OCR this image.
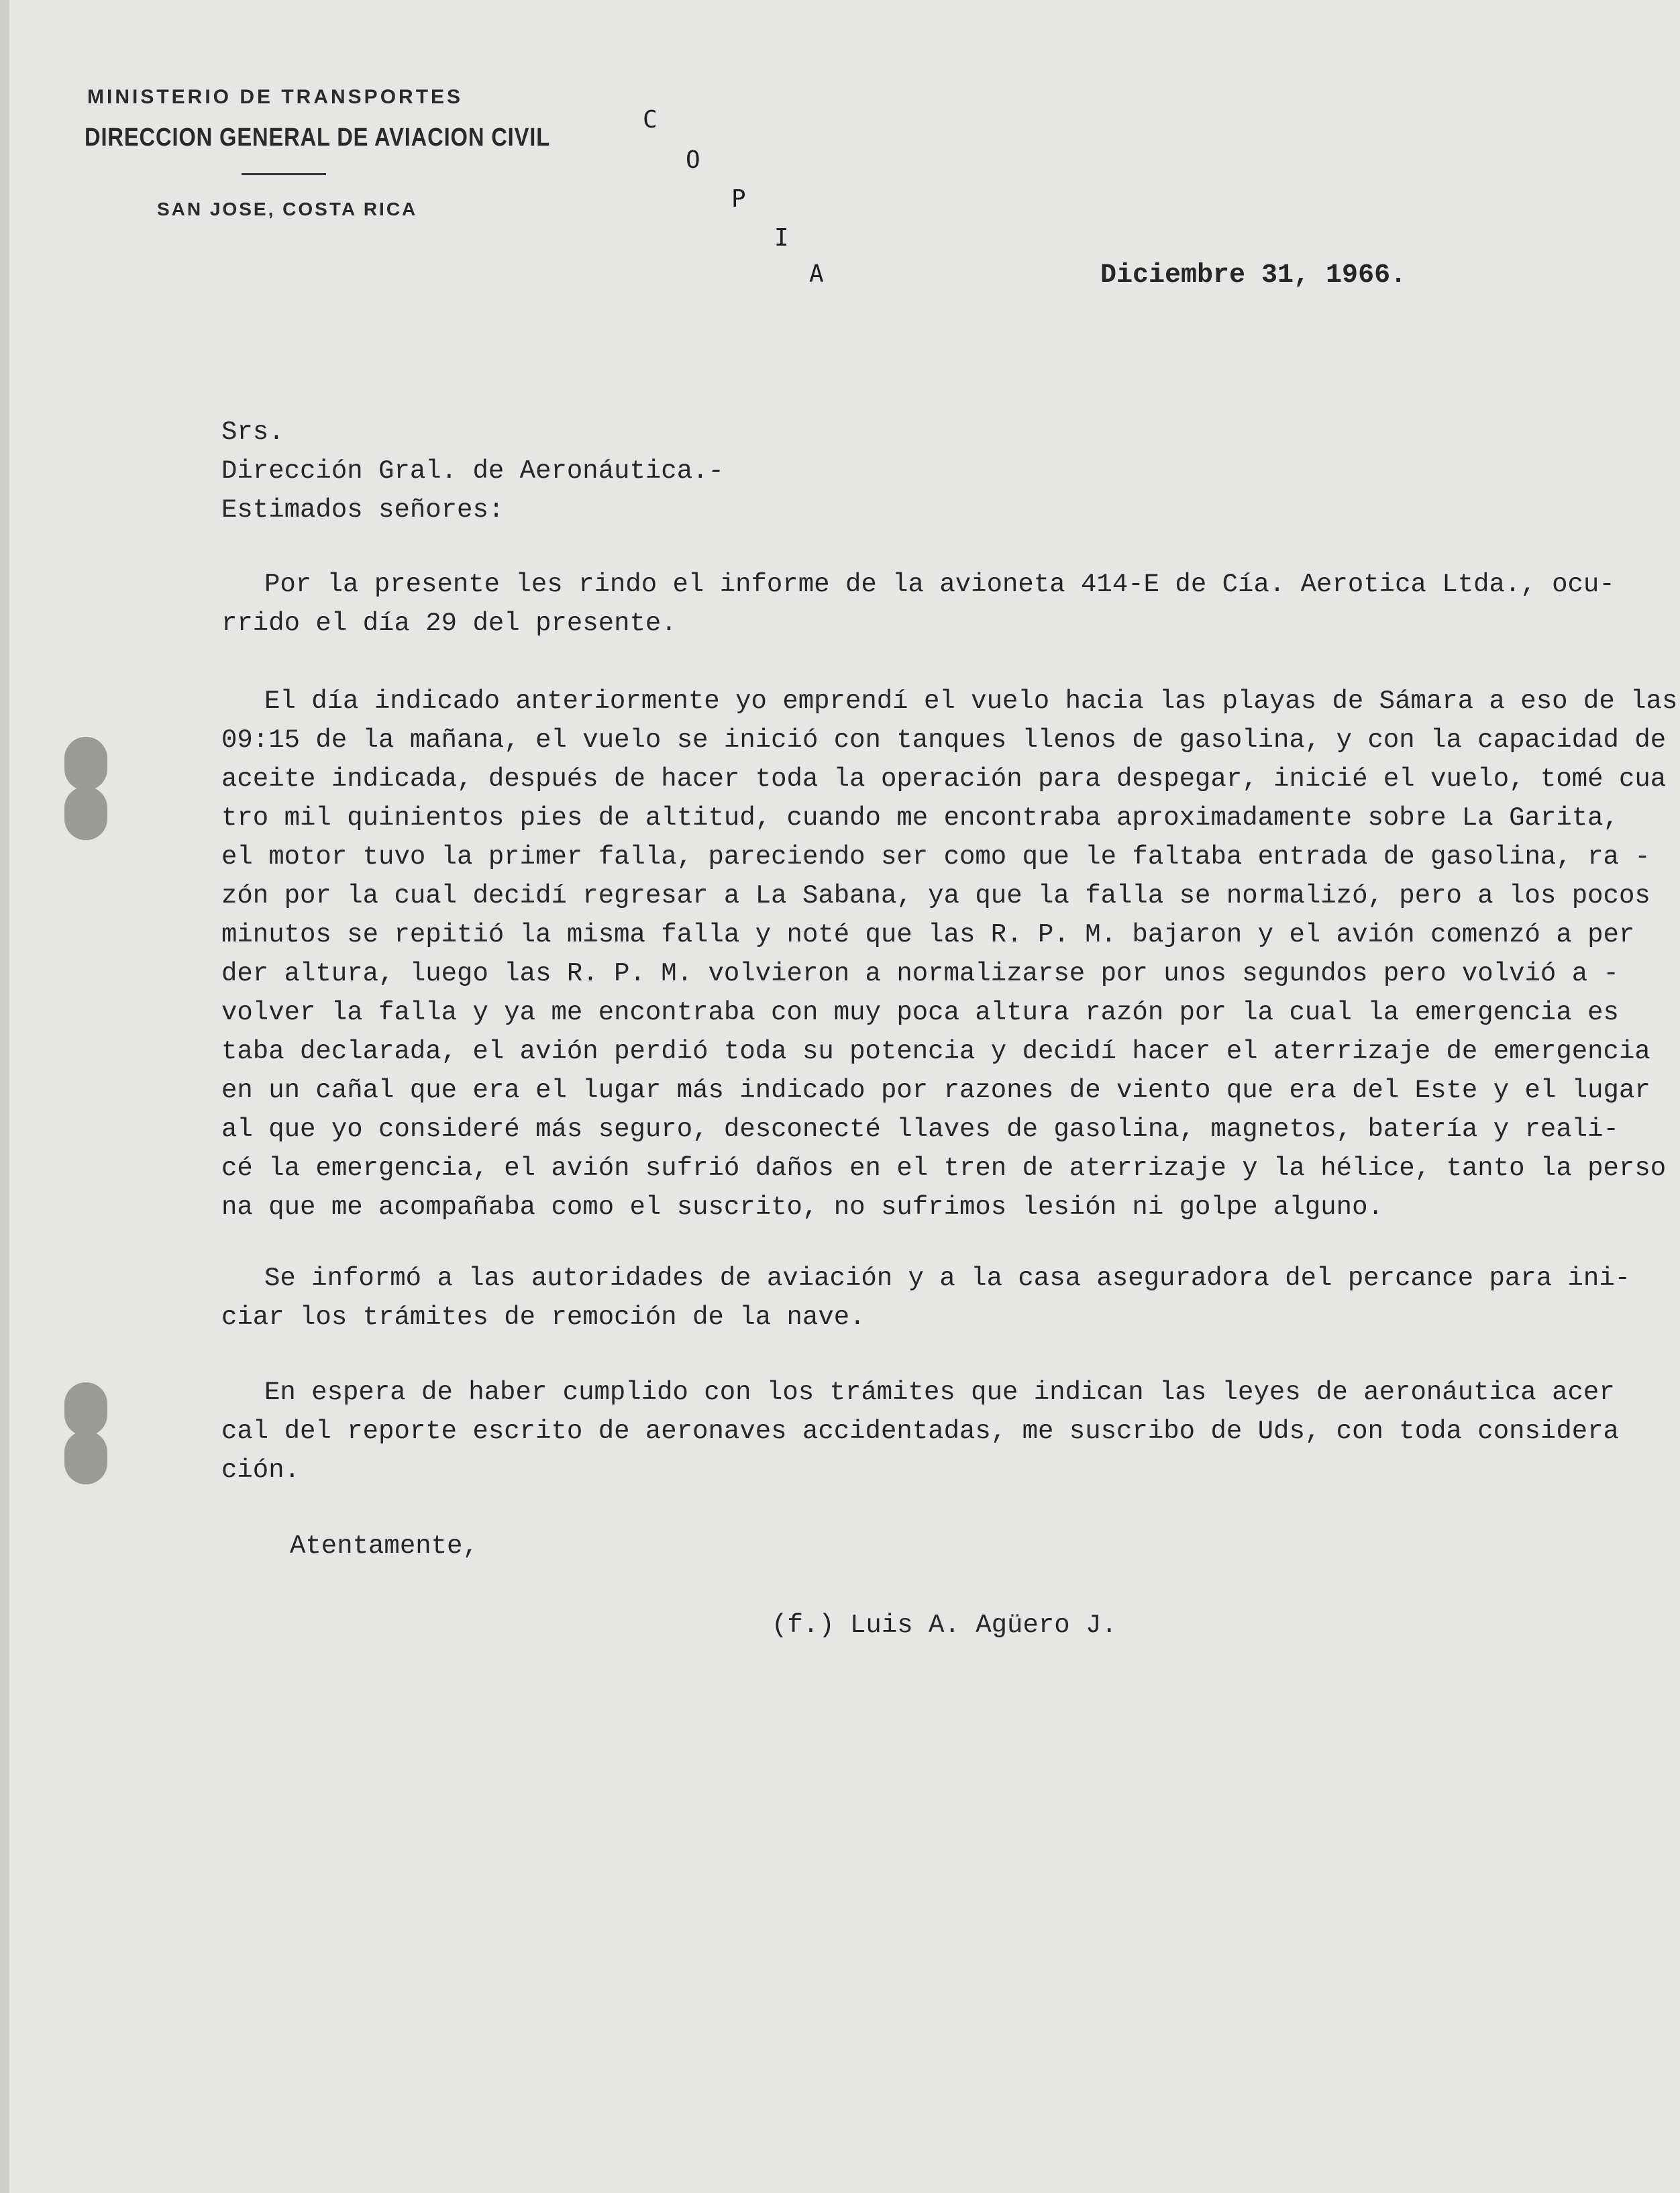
MINISTERIO DE TRANSPORTES
DIRECCION GENERAL DE AVIACION CIVIL
SAN JOSE, COSTA RICA
C
O
P
I
A	Diciembre 31, 1966.
Srs.
Dirección Gral. de Aeronáutica.-
Estimados señores:
Por la presente les rindo el informe de la avioneta 414-E de Cía. Aerotica Ltda., ocu-
rrido el día 29 del presente.
El día indicado anteriormente yo emprendí el vuelo hacia las playas de Sámara a eso de las
09:15 de la mañana, el vuelo se inició con tanques llenos de gasolina, y con la capacidad de
aceite indicada, después de hacer toda la operación para despegar, inicié el vuelo, tomé cua
tro mil quinientos pies de altitud, cuando me encontraba aproximadamente sobre La Garita,
el motor tuvo la primer falla, pareciendo ser como que le faltaba entrada de gasolina, ra -
zón por la cual decidí regresar a La Sabana, ya que la falla se normalizó, pero a los pocos
minutos se repitió la misma falla y noté que las R. P. M. bajaron y el avión comenzó a per
der altura, luego las R. P. M. volvieron a normalizarse por unos segundos pero volvió a -
volver la falla y ya me encontraba con muy poca altura razón por la cual la emergencia es
taba declarada, el avión perdió toda su potencia y decidí hacer el aterrizaje de emergencia
en un cañal que era el lugar más indicado por razones de viento que era del Este y el lugar
al que yo consideré más seguro, desconecté llaves de gasolina, magnetos, batería y reali-
cé la emergencia, el avión sufrió daños en el tren de aterrizaje y la hélice, tanto la perso
na que me acompañaba como el suscrito, no sufrimos lesión ni golpe alguno.
Se informó a las autoridades de aviación y a la casa aseguradora del percance para ini-
ciar los trámites de remoción de la nave.
En espera de haber cumplido con los trámites que indican las leyes de aeronáutica acer
cal del reporte escrito de aeronaves accidentadas, me suscribo de Uds, con toda considera
ción.
Atentamente,
(f.) Luis A. Agüero J.
